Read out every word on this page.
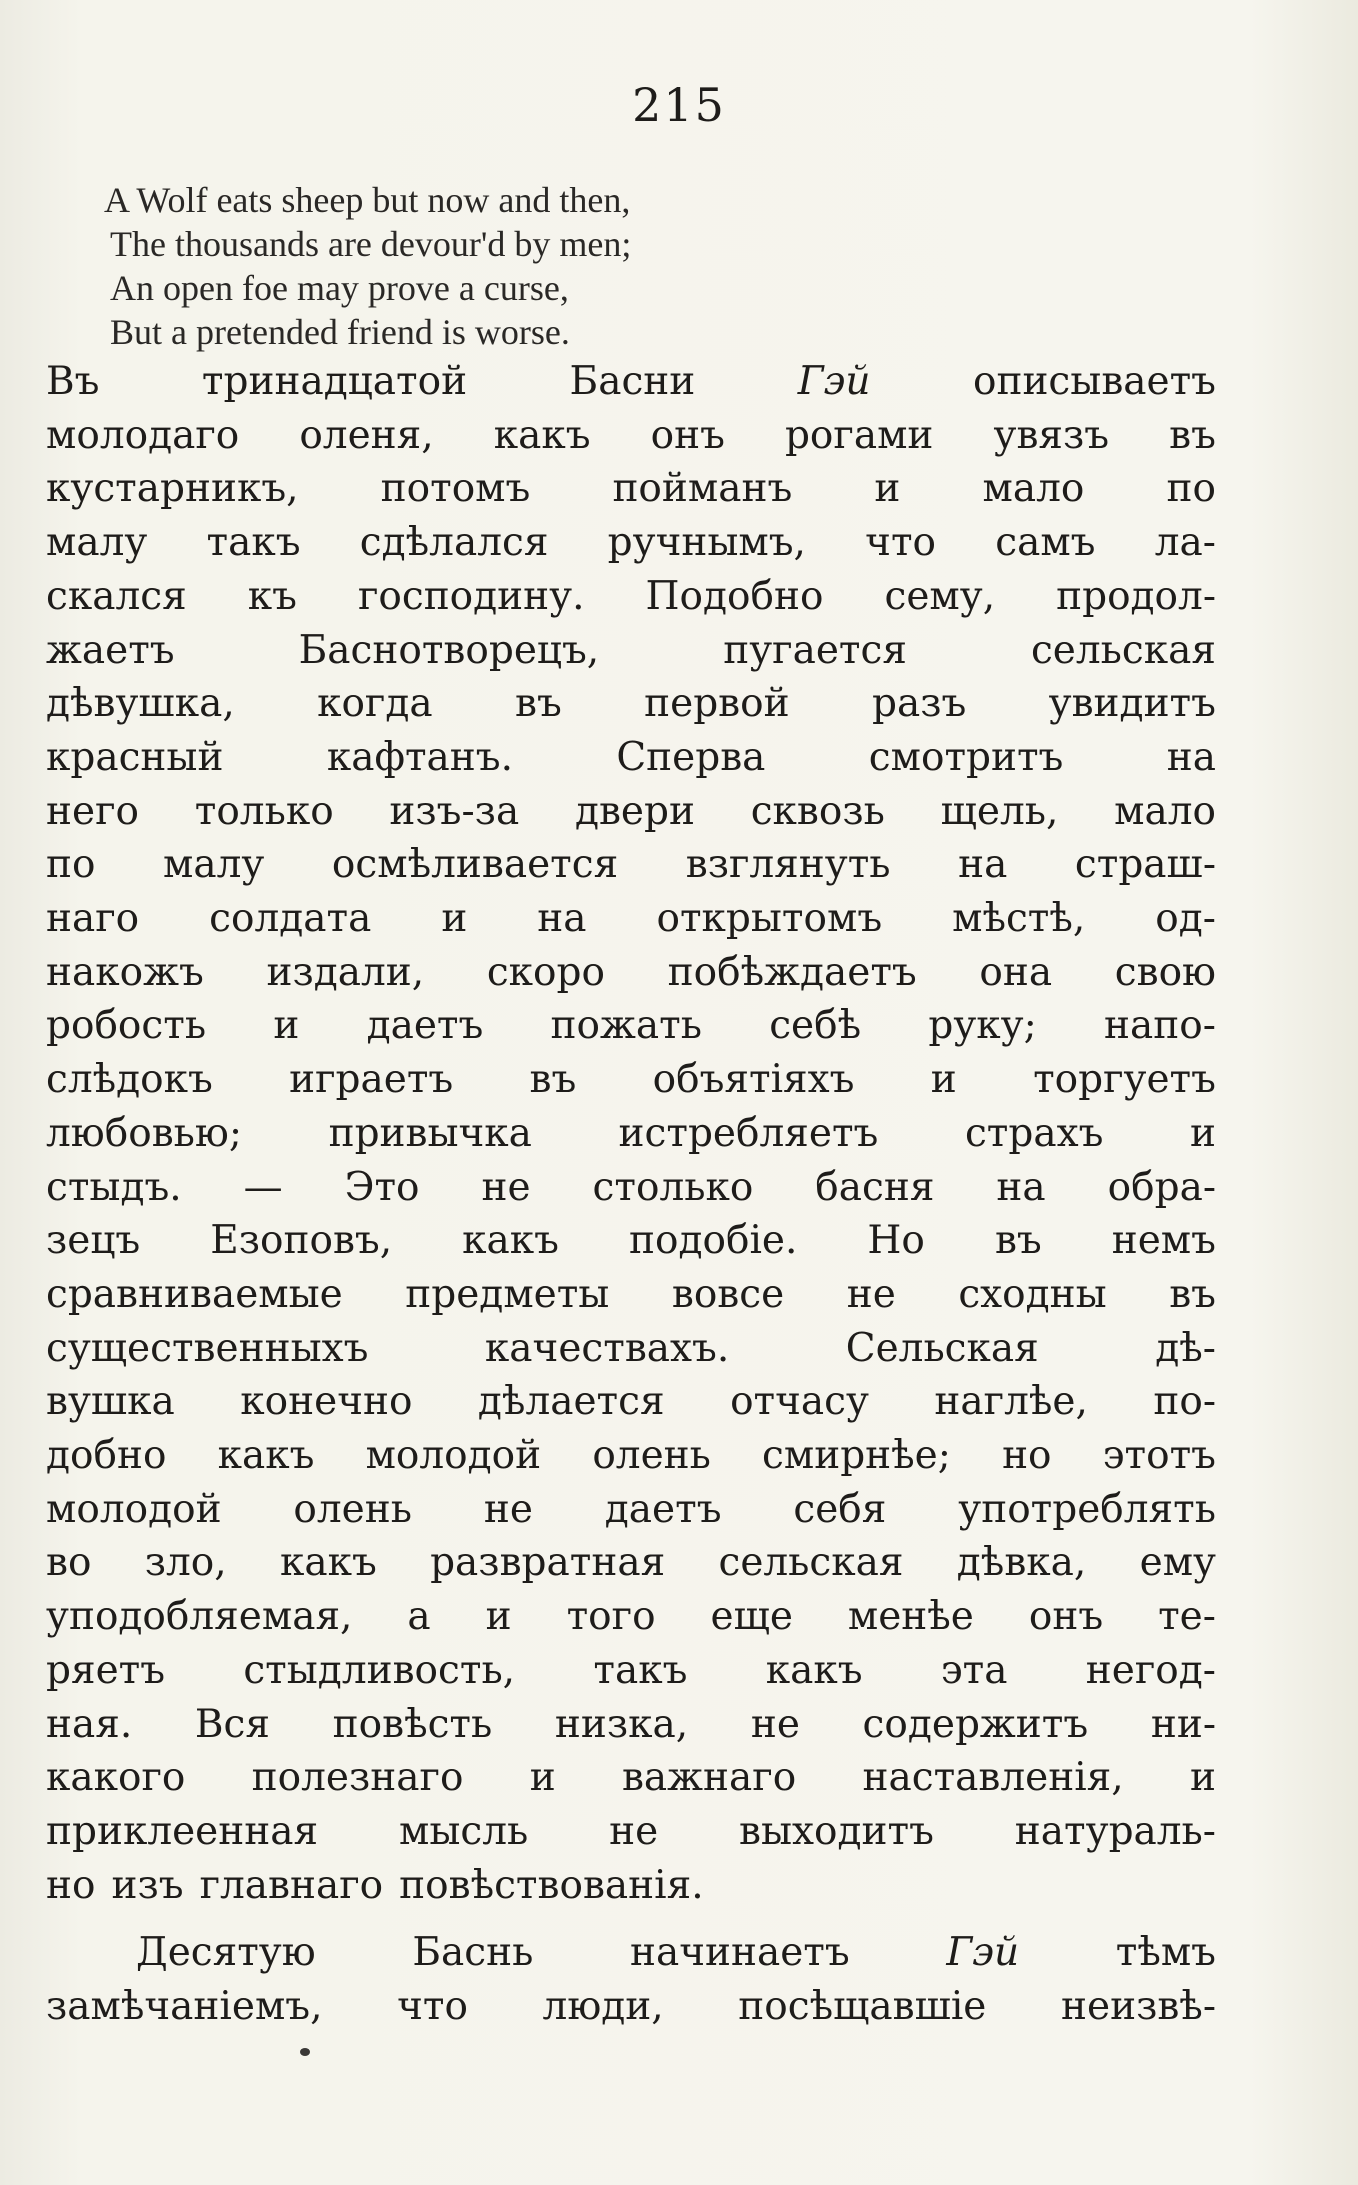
215
A Wolf eats sheep but now and then,
The thousands are devour'd by men;
An open foe may prove a curse,
But a pretended friend is worse.
Въ	тринадцатой	Басни	Гэй	описываетъ
молодаго оленя, какъ онъ рогами увязъ въ
кустарникъ, потомъ пойманъ и мало по
малу такъ сдѣлался ручнымъ, что самъ ла-
скался къ господину. Подобно сему, продол-
жаетъ	Баснотворецъ,	пугается	сельская
дѣвушка, когда въ первой разъ увидитъ
красный	кафтанъ.	Сперва	смотритъ	на
него только изъ-за двери сквозь щель, мало
по малу осмѣливается взглянуть на страш-
наго солдата и на открытомъ мѣстѣ, од-
накожъ издали, скоро побѣждаетъ она свою
робость и даетъ пожать себѣ руку; напо-
слѣдокъ играетъ въ объятіяхъ и торгуетъ
любовью; привычка истребляетъ страхъ и
стыдъ. — Это не столько басня на обра-
зецъ Езоповъ, какъ подобіе. Но въ немъ
сравниваемые предметы вовсе не сходны въ
существенныхъ	качествахъ.	Сельская	дѣ-
вушка конечно дѣлается отчасу наглѣе, по-
добно какъ молодой олень смирнѣе; но этотъ
молодой олень не даетъ себя употреблять
во зло, какъ развратная сельская дѣвка, ему
уподобляемая, а и того еще менѣе онъ те-
ряетъ стыдливость, такъ какъ эта негод-
ная. Вся повѣсть низка, не содержитъ ни-
какого полезнаго и важнаго наставленія, и
приклеенная мысль не выходитъ натураль-
но изъ главнаго повѣствованія.
Десятую Баснь начинаетъ Гэй тѣмъ
замѣчаніемъ, что люди, посѣщавшіе неизвѣ-
